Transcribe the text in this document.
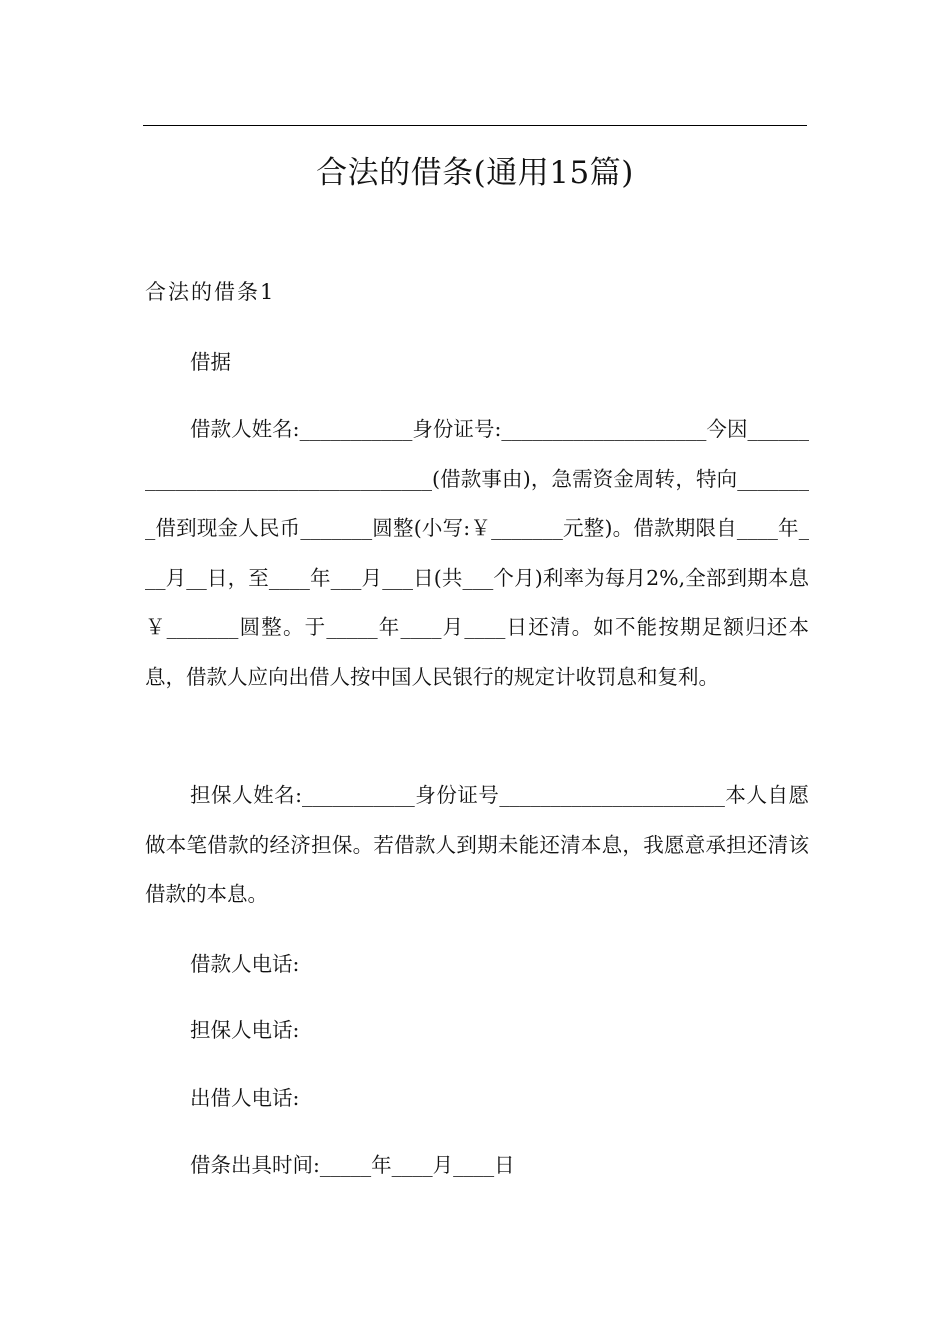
合法的借条(通用15篇)
合法的借条1
借据
借款人姓名:___________身份证号:____________________今因__________________________________(借款事由)，急需资金周转，特向________借到现金人民币_______圆整(小写:￥_______元整)。借款期限自____年___月__日，至____年___月___日(共___个月)利率为每月2%,全部到期本息￥_______圆整。于_____年____月____日还清。如不能按期足额归还本息，借款人应向出借人按中国人民银行的规定计收罚息和复利。
担保人姓名:___________身份证号______________________本人自愿做本笔借款的经济担保。若借款人到期未能还清本息，我愿意承担还清该借款的本息。
借款人电话:
担保人电话:
出借人电话:
借条出具时间:_____年____月____日
